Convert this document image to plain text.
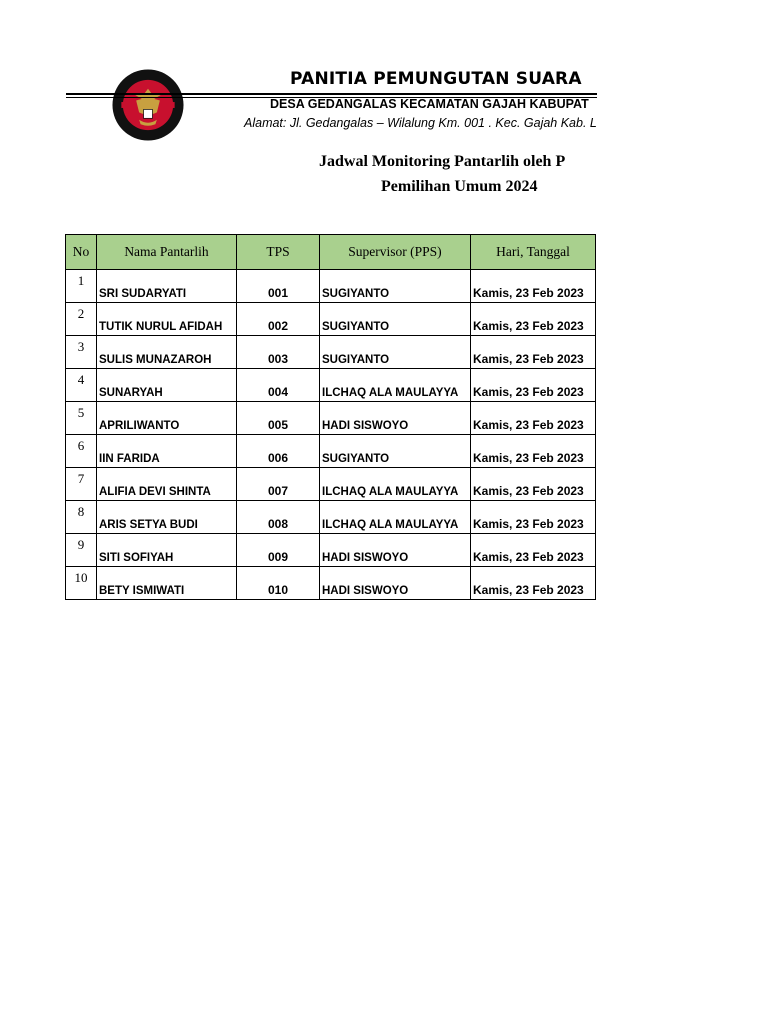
PANITIA PEMUNGUTAN SUARA
DESA GEDANGALAS KECAMATAN GAJAH KABUPAT
Alamat: Jl. Gedangalas – Wilalung Km. 001 . Kec. Gajah Kab. L
Jadwal Monitoring Pantarlih oleh P
Pemilihan Umum 2024
No	Nama Pantarlih	TPS	Supervisor (PPS)	Hari, Tanggal
1	SRI SUDARYATI	001	SUGIYANTO	Kamis, 23 Feb 2023
2	TUTIK NURUL AFIDAH	002	SUGIYANTO	Kamis, 23 Feb 2023
3	SULIS MUNAZAROH	003	SUGIYANTO	Kamis, 23 Feb 2023
4	SUNARYAH	004	ILCHAQ ALA MAULAYYA	Kamis, 23 Feb 2023
5	APRILIWANTO	005	HADI SISWOYO	Kamis, 23 Feb 2023
6	IIN FARIDA	006	SUGIYANTO	Kamis, 23 Feb 2023
7	ALIFIA DEVI SHINTA	007	ILCHAQ ALA MAULAYYA	Kamis, 23 Feb 2023
8	ARIS SETYA BUDI	008	ILCHAQ ALA MAULAYYA	Kamis, 23 Feb 2023
9	SITI SOFIYAH	009	HADI SISWOYO	Kamis, 23 Feb 2023
10	BETY ISMIWATI	010	HADI SISWOYO	Kamis, 23 Feb 2023
